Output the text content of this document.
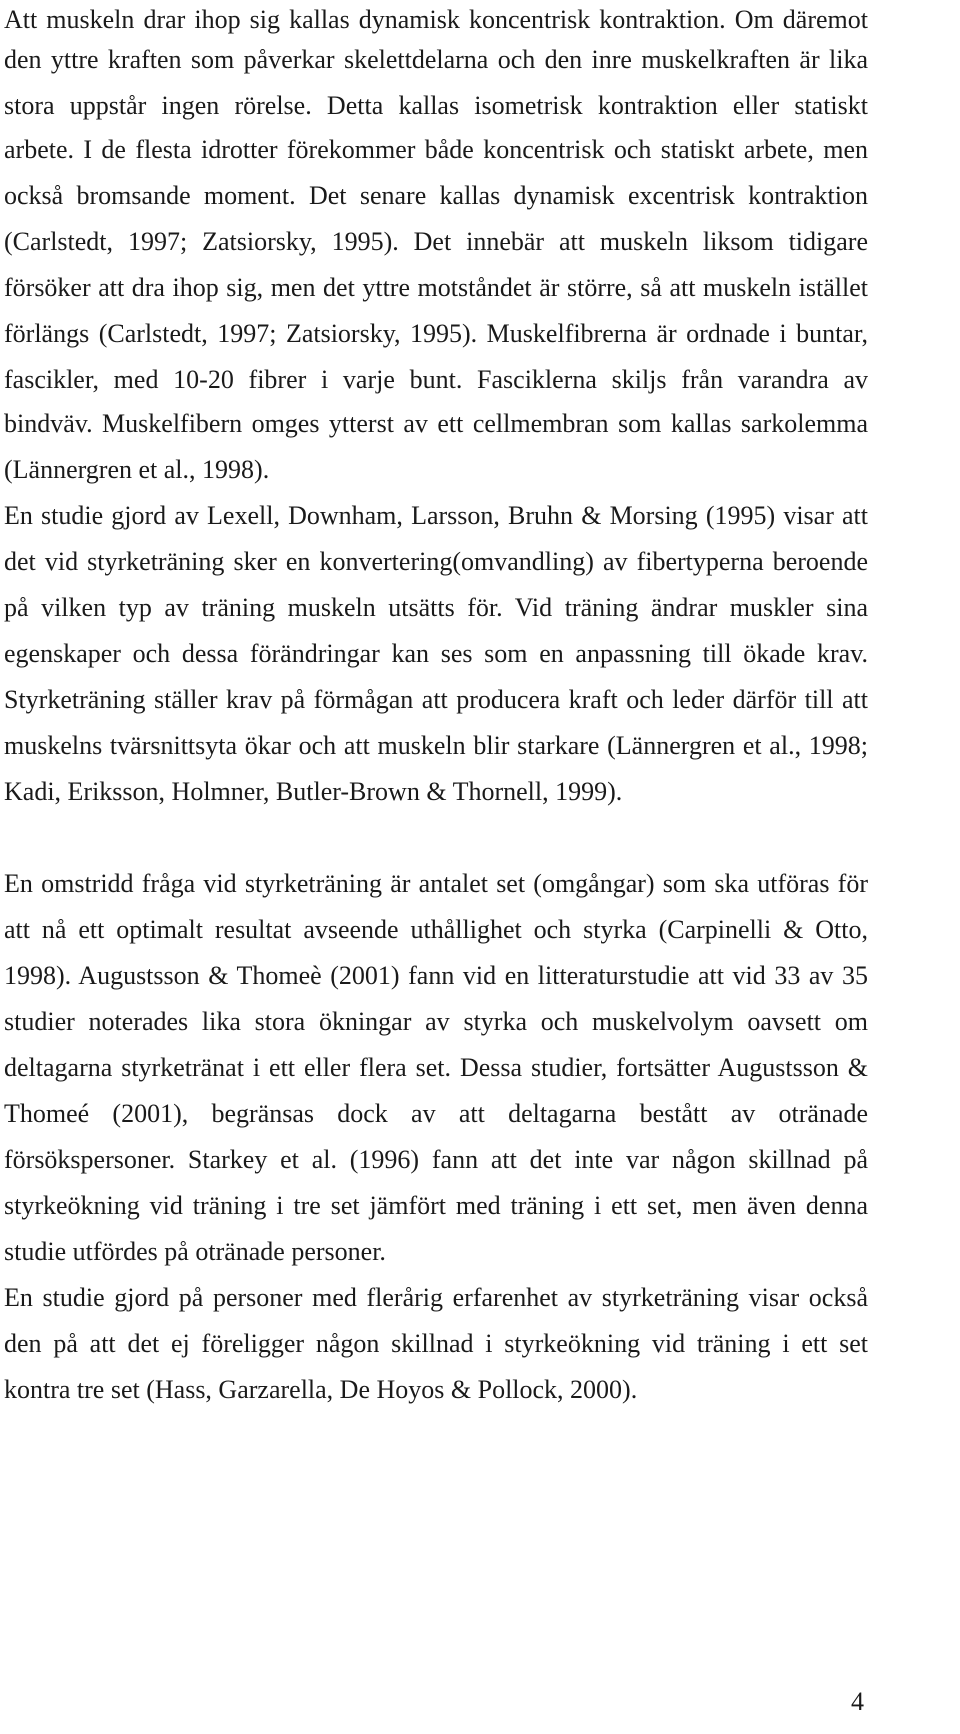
Att muskeln drar ihop sig kallas dynamisk koncentrisk kontraktion. Om däremot
den yttre kraften som påverkar skelettdelarna och den inre muskelkraften är lika
stora uppstår ingen rörelse. Detta kallas isometrisk kontraktion eller statiskt
arbete. I de flesta idrotter förekommer både koncentrisk och statiskt arbete, men
också bromsande moment. Det senare kallas dynamisk excentrisk kontraktion
(Carlstedt, 1997; Zatsiorsky, 1995). Det innebär att muskeln liksom tidigare
försöker att dra ihop sig, men det yttre motståndet är större, så att muskeln istället
förlängs (Carlstedt, 1997; Zatsiorsky, 1995). Muskelfibrerna är ordnade i buntar,
fascikler, med 10-20 fibrer i varje bunt. Fasciklerna skiljs från varandra av
bindväv. Muskelfibern omges ytterst av ett cellmembran som kallas sarkolemma
(Lännergren et al., 1998).
En studie gjord av Lexell, Downham, Larsson, Bruhn & Morsing (1995) visar att
det vid styrketräning sker en konvertering(omvandling) av fibertyperna beroende
på vilken typ av träning muskeln utsätts för. Vid träning ändrar muskler sina
egenskaper och dessa förändringar kan ses som en anpassning till ökade krav.
Styrketräning ställer krav på förmågan att producera kraft och leder därför till att
muskelns tvärsnittsyta ökar och att muskeln blir starkare (Lännergren et al., 1998;
Kadi, Eriksson, Holmner, Butler-Brown & Thornell, 1999).
En omstridd fråga vid styrketräning är antalet set (omgångar) som ska utföras för
att nå ett optimalt resultat avseende uthållighet och styrka (Carpinelli & Otto,
1998). Augustsson & Thomeè (2001) fann vid en litteraturstudie att vid 33 av 35
studier noterades lika stora ökningar av styrka och muskelvolym oavsett om
deltagarna styrketränat i ett eller flera set. Dessa studier, fortsätter Augustsson &
Thomeé (2001), begränsas dock av att deltagarna bestått av otränade
försökspersoner. Starkey et al. (1996) fann att det inte var någon skillnad på
styrkeökning vid träning i tre set jämfört med träning i ett set, men även denna
studie utfördes på otränade personer.
En studie gjord på personer med flerårig erfarenhet av styrketräning visar också
den på att det ej föreligger någon skillnad i styrkeökning vid träning i ett set
kontra tre set (Hass, Garzarella, De Hoyos & Pollock, 2000).
4
